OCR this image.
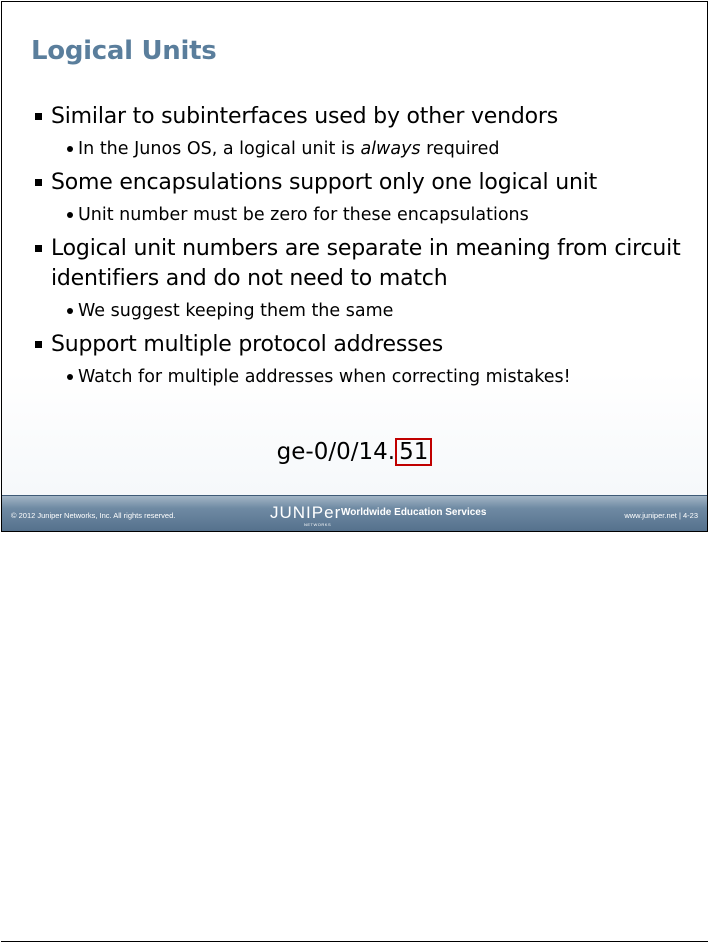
Logical Units
Similar to subinterfaces used by other vendors
In the Junos OS, a logical unit is always required
Some encapsulations support only one logical unit
Unit number must be zero for these encapsulations
Logical unit numbers are separate in meaning from circuit identifiers and do not need to match
We suggest keeping them the same
Support multiple protocol addresses
Watch for multiple addresses when correcting mistakes!
ge-0/0/14. 51
© 2012 Juniper Networks, Inc. All rights reserved.	JUNIPer
NETWORKS
Worldwide Education Services	www.juniper.net | 4-23
